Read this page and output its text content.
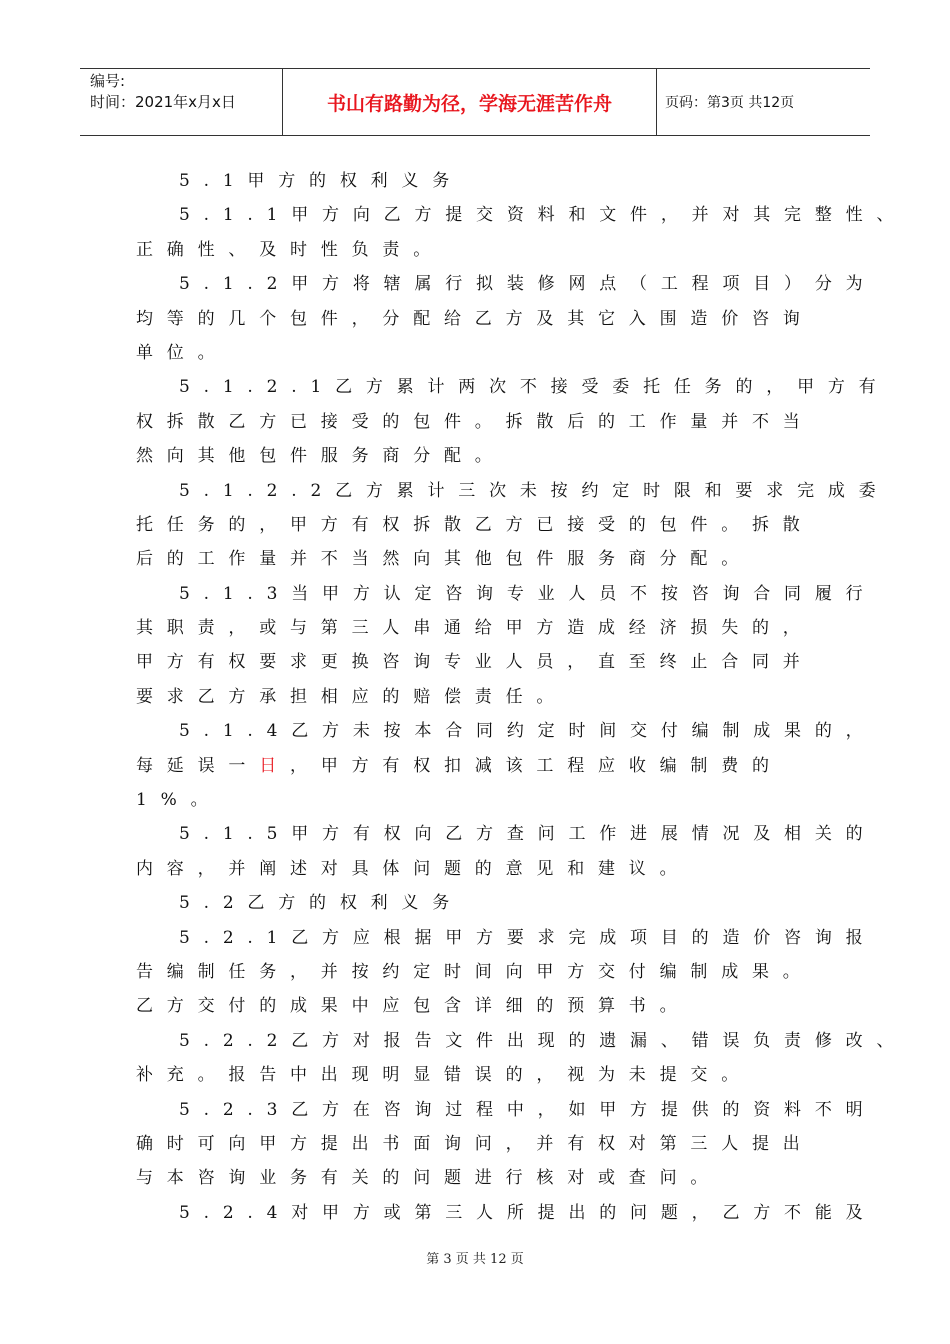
编号:
时间：2021年x月x日	书山有路勤为径，学海无涯苦作舟	页码：第3页 共12页
5.1甲方的权利义务
5.1.1甲方向乙方提交资料和文件，并对其完整性、
正确性、及时性负责。
5.1.2甲方将辖属行拟装修网点（工程项目）分为
均等的几个包件，分配给乙方及其它入围造价咨询
单位。
5.1.2.1乙方累计两次不接受委托任务的，甲方有
权拆散乙方已接受的包件。拆散后的工作量并不当
然向其他包件服务商分配。
5.1.2.2乙方累计三次未按约定时限和要求完成委
托任务的，甲方有权拆散乙方已接受的包件。拆散
后的工作量并不当然向其他包件服务商分配。
5.1.3当甲方认定咨询专业人员不按咨询合同履行
其职责，或与第三人串通给甲方造成经济损失的，
甲方有权要求更换咨询专业人员，直至终止合同并
要求乙方承担相应的赔偿责任。
5.1.4乙方未按本合同约定时间交付编制成果的，
每延误一日，甲方有权扣减该工程应收编制费的
1%。
5.1.5甲方有权向乙方查问工作进展情况及相关的
内容，并阐述对具体问题的意见和建议。
5.2乙方的权利义务
5.2.1乙方应根据甲方要求完成项目的造价咨询报
告编制任务，并按约定时间向甲方交付编制成果。
乙方交付的成果中应包含详细的预算书。
5.2.2乙方对报告文件出现的遗漏、错误负责修改、
补充。报告中出现明显错误的，视为未提交。
5.2.3乙方在咨询过程中，如甲方提供的资料不明
确时可向甲方提出书面询问，并有权对第三人提出
与本咨询业务有关的问题进行核对或查问。
5.2.4对甲方或第三人所提出的问题，乙方不能及
第 3 页 共 12 页
